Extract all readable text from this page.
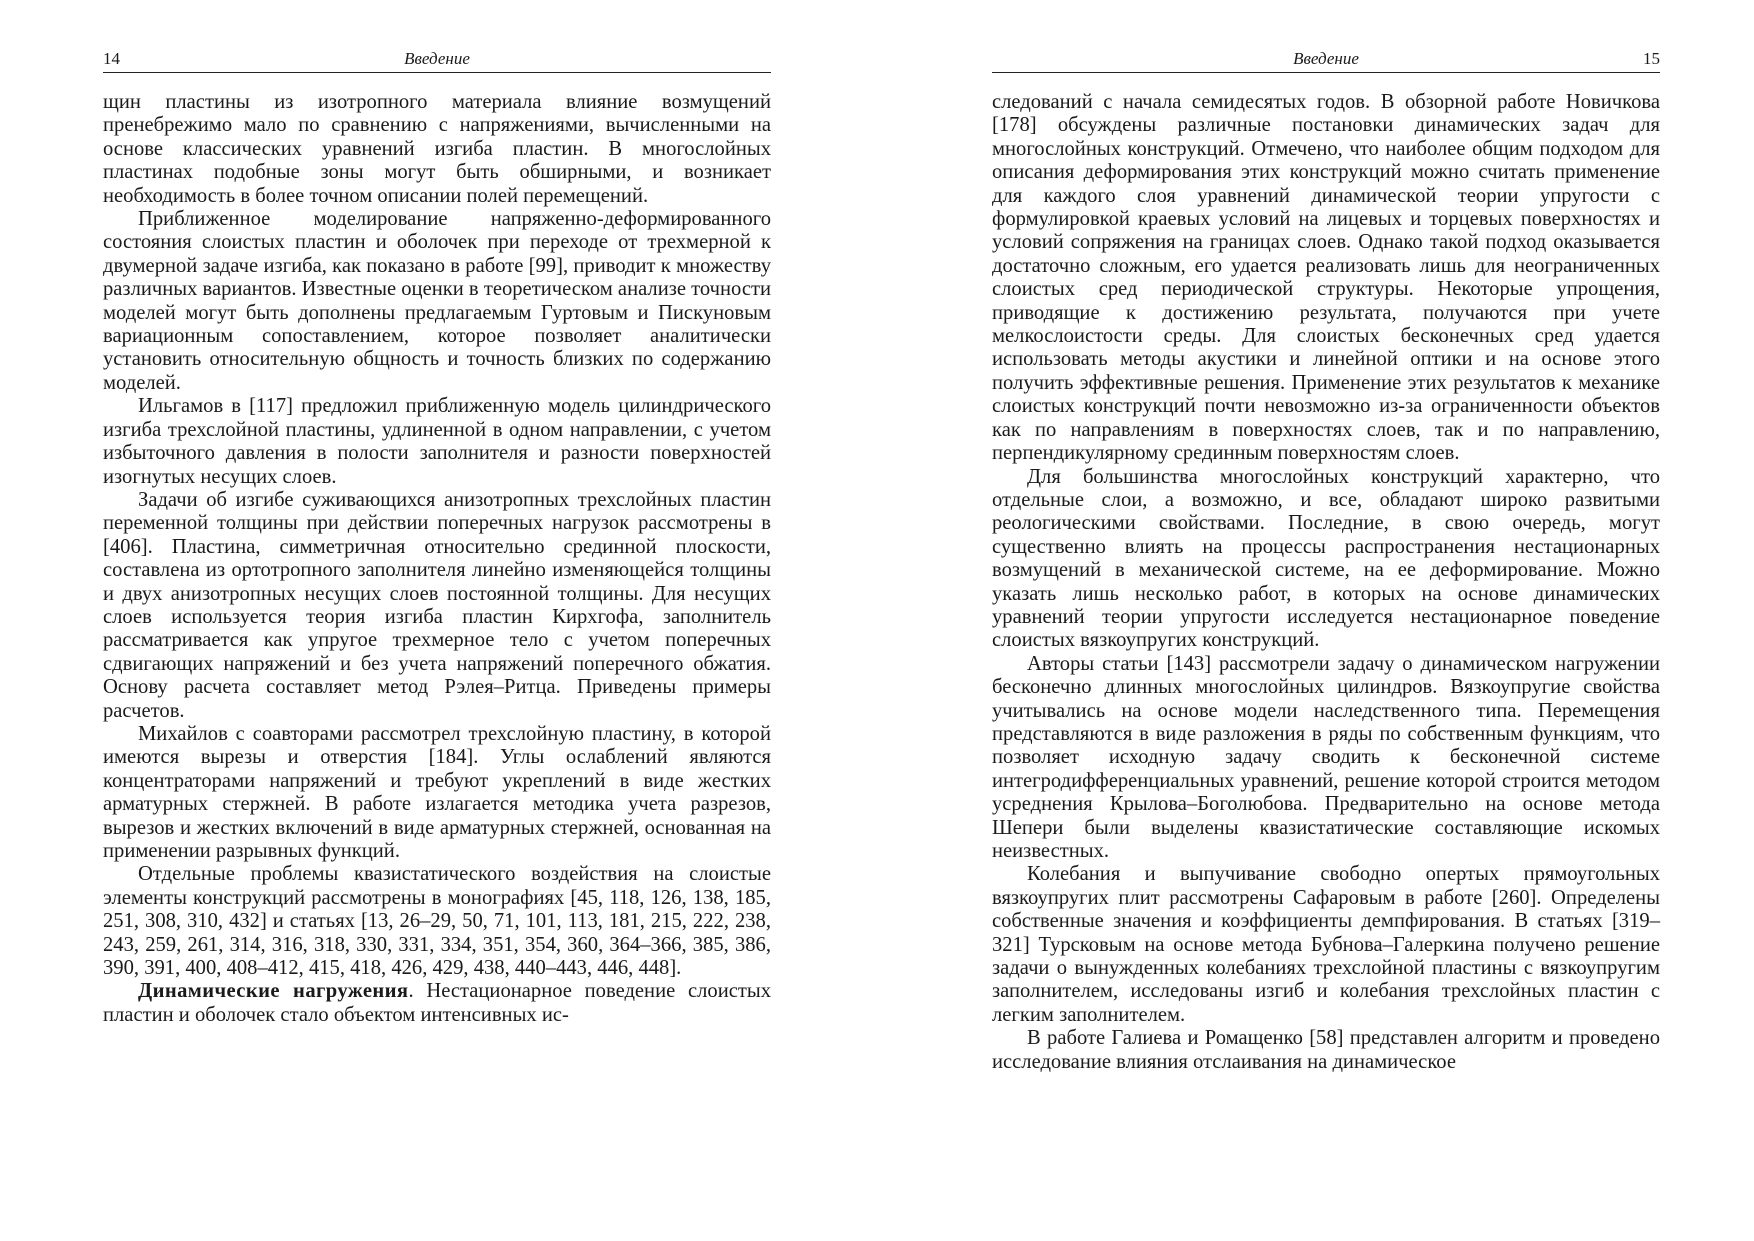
Введение
14

щин пластины из изотропного материала влияние возмущений пренебрежимо мало по сравнению с напряжениями, вычисленными на основе классических уравнений изгиба пластин. В многослойных пластинах подобные зоны могут быть обширными, и возникает необходимость в более точном описании полей перемещений.

Приближенное моделирование напряженно-деформированного состояния слоистых пластин и оболочек при переходе от трехмерной к двумерной задаче изгиба, как показано в работе [99], приводит к множеству различных вариантов. Известные оценки в теоретическом анализе точности моделей могут быть дополнены предлагаемым Гуртовым и Пискуновым вариационным сопоставлением, которое позволяет аналитически установить относительную общность и точность близких по содержанию моделей.

Ильгамов в [117] предложил приближенную модель цилиндрического изгиба трехслойной пластины, удлиненной в одном направлении, с учетом избыточного давления в полости заполнителя и разности поверхностей изогнутых несущих слоев.

Задачи об изгибе суживающихся анизотропных трехслойных пластин переменной толщины при действии поперечных нагрузок рассмотрены в [406]. Пластина, симметричная относительно срединной плоскости, составлена из ортотропного заполнителя линейно изменяющейся толщины и двух анизотропных несущих слоев постоянной толщины. Для несущих слоев используется теория изгиба пластин Кирхгофа, заполнитель рассматривается как упругое трехмерное тело с учетом поперечных сдвигающих напряжений и без учета напряжений поперечного обжатия. Основу расчета составляет метод Рэлея–Ритца. Приведены примеры расчетов.

Михайлов с соавторами рассмотрел трехслойную пластину, в которой имеются вырезы и отверстия [184]. Углы ослаблений являются концентраторами напряжений и требуют укреплений в виде жестких арматурных стержней. В работе излагается методика учета разрезов, вырезов и жестких включений в виде арматурных стержней, основанная на применении разрывных функций.

Отдельные проблемы квазистатического воздействия на слоистые элементы конструкций рассмотрены в монографиях [45, 118, 126, 138, 185, 251, 308, 310, 432] и статьях [13, 26–29, 50, 71, 101, 113, 181, 215, 222, 238, 243, 259, 261, 314, 316, 318, 330, 331, 334, 351, 354, 360, 364–366, 385, 386, 390, 391, 400, 408–412, 415, 418, 426, 429, 438, 440–443, 446, 448].

Динамические нагружения. Нестационарное поведение слоистых пластин и оболочек стало объектом интенсивных ис-

Введение	15

следований с начала семидесятых годов. В обзорной работе Новичкова [178] обсуждены различные постановки динамических задач для многослойных конструкций. Отмечено, что наиболее общим подходом для описания деформирования этих конструкций можно считать применение для каждого слоя уравнений динамической теории упругости с формулировкой краевых условий на лицевых и торцевых поверхностях и условий сопряжения на границах слоев. Однако такой подход оказывается достаточно сложным, его удается реализовать лишь для неограниченных слоистых сред периодической структуры. Некоторые упрощения, приводящие к достижению результата, получаются при учете мелкослоистости среды. Для слоистых бесконечных сред удается использовать методы акустики и линейной оптики и на основе этого получить эффективные решения. Применение этих результатов к механике слоистых конструкций почти невозможно из-за ограниченности объектов как по направлениям в поверхностях слоев, так и по направлению, перпендикулярному срединным поверхностям слоев.

Для большинства многослойных конструкций характерно, что отдельные слои, а возможно, и все, обладают широко развитыми реологическими свойствами. Последние, в свою очередь, могут существенно влиять на процессы распространения нестационарных возмущений в механической системе, на ее деформирование. Можно указать лишь несколько работ, в которых на основе динамических уравнений теории упругости исследуется нестационарное поведение слоистых вязкоупругих конструкций.

Авторы статьи [143] рассмотрели задачу о динамическом нагружении бесконечно длинных многослойных цилиндров. Вязкоупругие свойства учитывались на основе модели наследственного типа. Перемещения представляются в виде разложения в ряды по собственным функциям, что позволяет исходную задачу сводить к бесконечной системе интегродифференциальных уравнений, решение которой строится методом усреднения Крылова–Боголюбова. Предварительно на основе метода Шепери были выделены квазистатические составляющие искомых неизвестных.

Колебания и выпучивание свободно опертых прямоугольных вязкоупругих плит рассмотрены Сафаровым в работе [260]. Определены собственные значения и коэффициенты демпфирования. В статьях [319–321] Турсковым на основе метода Бубнова–Галеркина получено решение задачи о вынужденных колебаниях трехслойной пластины с вязкоупругим заполнителем, исследованы изгиб и колебания трехслойных пластин с легким заполнителем.

В работе Галиева и Ромащенко [58] представлен алгоритм и проведено исследование влияния отслаивания на динамическое
